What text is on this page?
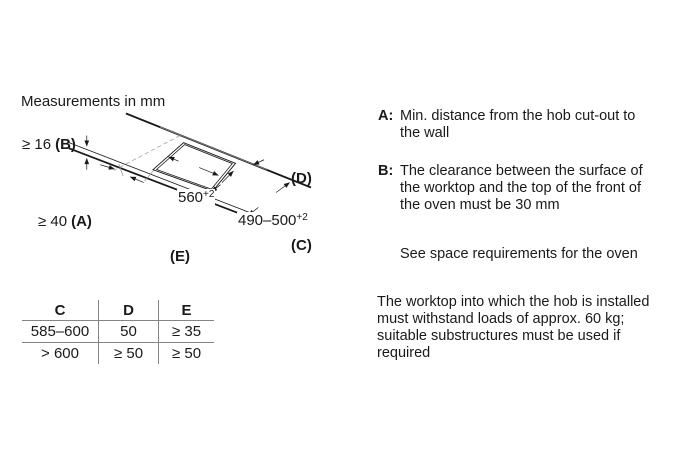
Measurements in mm
≥ 16 (B)
≥ 40 (A)
$560^{+2}$
$490-500^{+2}$
(D)
(C)
(E)
C	D	E
585–600	50	≥ 35
> 600	≥ 50	≥ 50
A: Min. distance from the hob cut-out to
the wall
B: The clearance between the surface of
the worktop and the top of the front of
the oven must be 30 mm
See space requirements for the oven
The worktop into which the hob is installed
must withstand loads of approx. 60 kg;
suitable substructures must be used if
required
